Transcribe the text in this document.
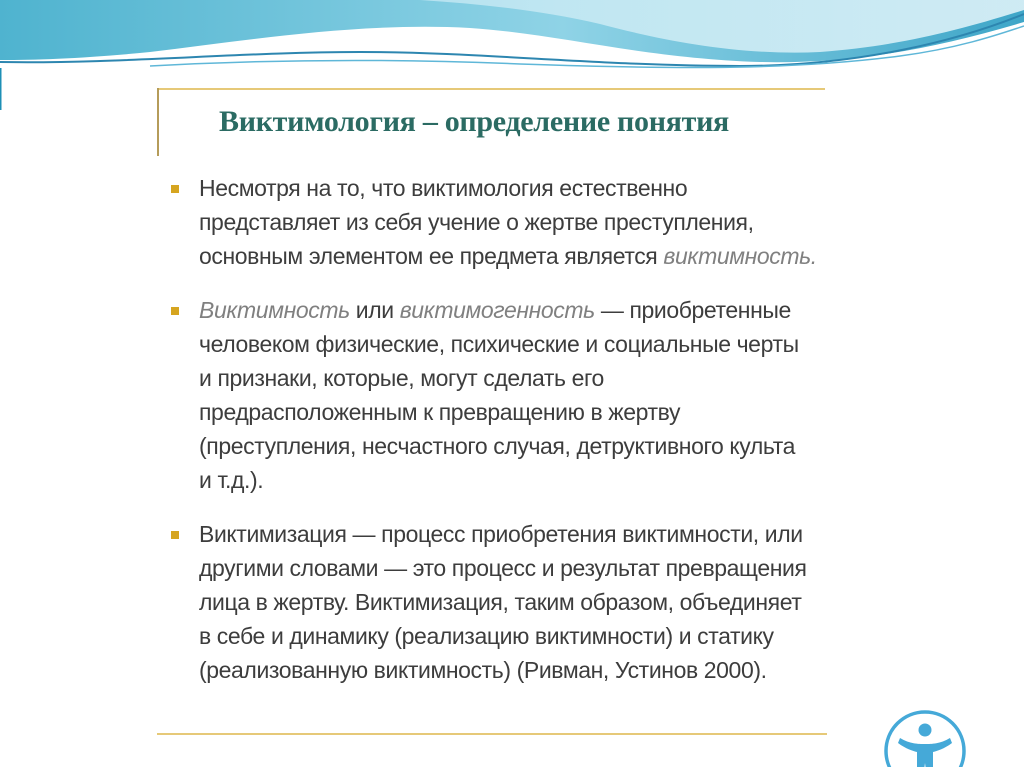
Виктимология – определение понятия
Несмотря на то, что виктимология естественно
представляет из себя учение о жертве преступления,
основным элементом ее предмета является виктимность.
Виктимность или виктимогенность — приобретенные
человеком физические, психические и социальные черты
и признаки, которые, могут сделать его
предрасположенным к превращению в жертву
(преступления, несчастного случая, детруктивного культа
и т.д.).
Виктимизация — процесс приобретения виктимности, или
другими словами — это процесс и результат превращения
лица в жертву. Виктимизация, таким образом, объединяет
в себе и динамику (реализацию виктимности) и статику
(реализованную виктимность) (Ривман, Устинов 2000).
